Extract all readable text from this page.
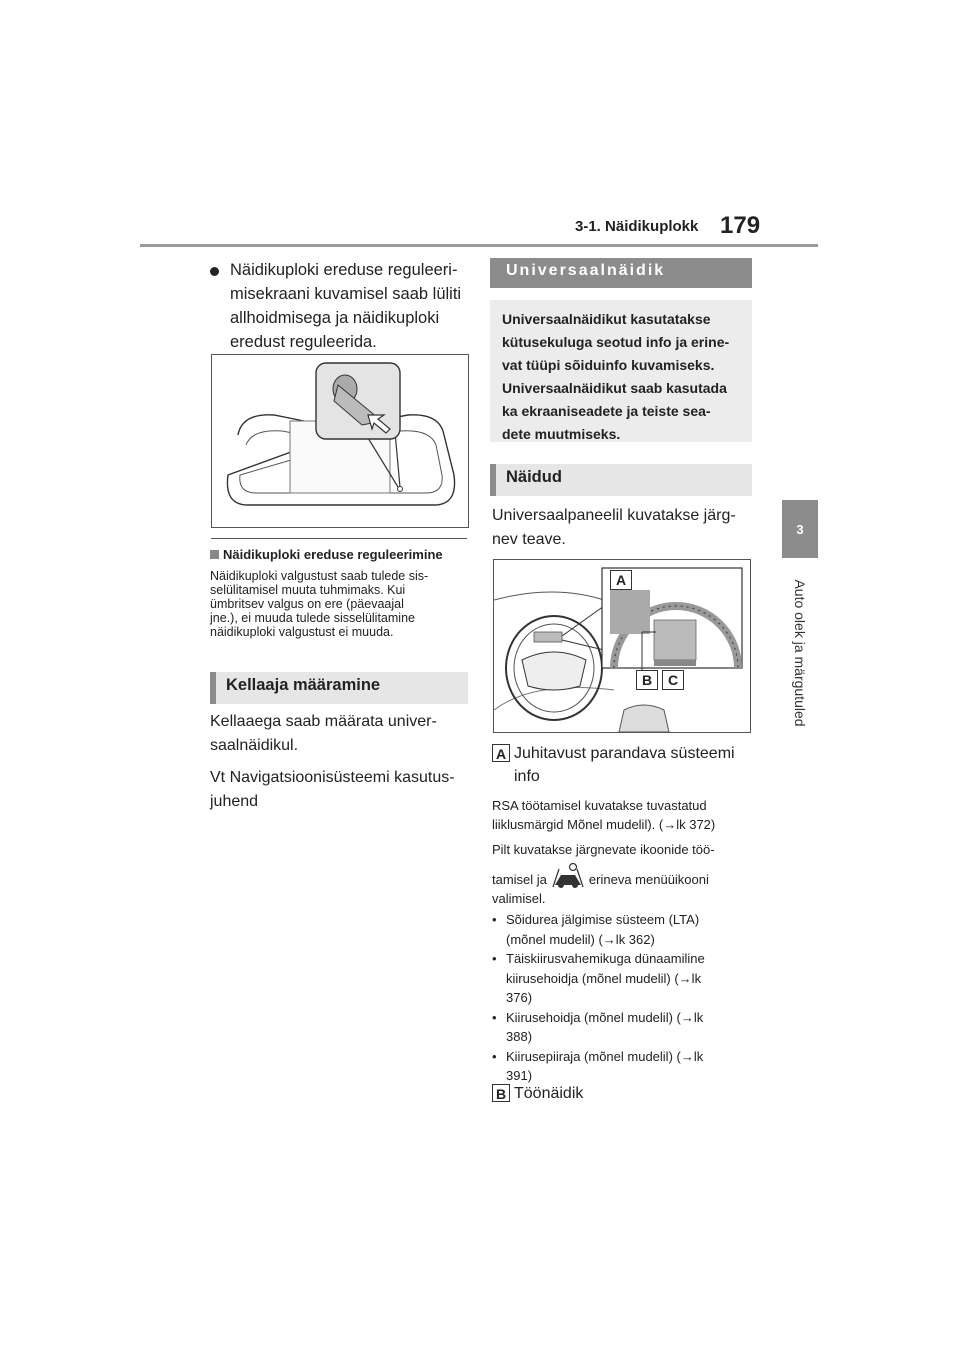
3-1. Näidikuplokk 179
3
Auto olek ja märgutuled

Näidikuploki ereduse reguleeri-

misekraani kuvamisel saab lüliti

allhoidmisega ja näidikuploki

eredust reguleerida.

Näidikuploki ereduse reguleerimine
Näidikuploki valgustust saab tulede sis-
selülitamisel muuta tuhmimaks. Kui
ümbritsev valgus on ere (päevaajal
jne.), ei muuda tulede sisselülitamine
näidikuploki valgustust ei muuda.
Kellaaja määramine

Kellaaega saab määrata univer-

saalnäidikul.

Vt Navigatsioonisüsteemi kasutus-

juhend

Universaalnäidik
Universaalnäidikut kasutatakse
kütusekuluga seotud info ja erine-
vat tüüpi sõiduinfo kuvamiseks.
Universaalnäidikut saab kasutada
ka ekraaniseadete ja teiste sea-
dete muutmiseks.
Näidud

Universaalpaneelil kuvatakse järg-

nev teave.

A
B	C
A Juhitavust parandava süsteemi
info

RSA töötamisel kuvatakse tuvastatud

liiklusmärgid Mõnel mudelil). (→lk 372)

Pilt kuvatakse järgnevate ikoonide töö-

tamisel ja	erineva menüüikooni

valimisel.

• Sõidurea jälgimise süsteem (LTA)
(mõnel mudelil) (→lk 362)
• Täiskiirusvahemikuga dünaamiline
kiirusehoidja (mõnel mudelil) (→lk
376)
• Kiirusehoidja (mõnel mudelil) (→lk
388)
• Kiirusepiiraja (mõnel mudelil) (→lk
391)
B Töönäidik
